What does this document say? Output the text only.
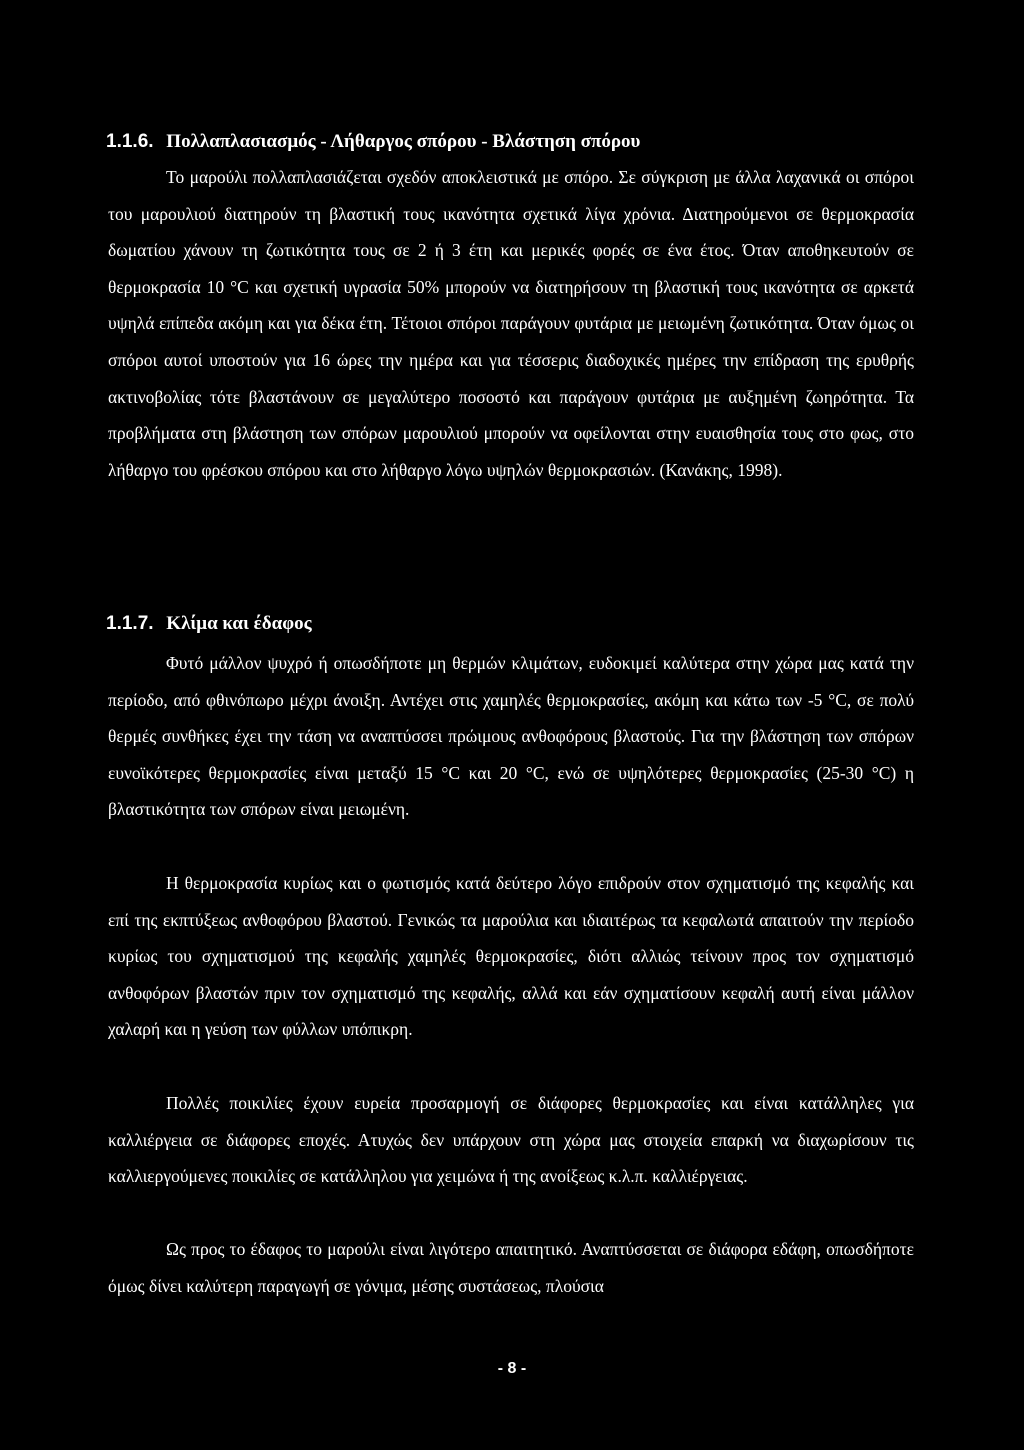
1.1.6. Πολλαπλασιασμός - Λήθαργος σπόρου - Βλάστηση σπόρου

Το μαρούλι πολλαπλασιάζεται σχεδόν αποκλειστικά με σπόρο. Σε σύγκριση με άλλα λαχανικά οι σπόροι του μαρουλιού διατηρούν τη βλαστική τους ικανότητα σχετικά λίγα χρόνια. Διατηρούμενοι σε θερμοκρασία δωματίου χάνουν τη ζωτικότητα τους σε 2 ή 3 έτη και μερικές φορές σε ένα έτος. Όταν αποθηκευτούν σε θερμοκρασία 10 °C και σχετική υγρασία 50% μπορούν να διατηρήσουν τη βλαστική τους ικανότητα σε αρκετά υψηλά επίπεδα ακόμη και για δέκα έτη. Τέτοιοι σπόροι παράγουν φυτάρια με μειωμένη ζωτικότητα. Όταν όμως οι σπόροι αυτοί υποστούν για 16 ώρες την ημέρα και για τέσσερις διαδοχικές ημέρες την επίδραση της ερυθρής ακτινοβολίας τότε βλαστάνουν σε μεγαλύτερο ποσοστό και παράγουν φυτάρια με αυξημένη ζωηρότητα. Τα προβλήματα στη βλάστηση των σπόρων μαρουλιού μπορούν να οφείλονται στην ευαισθησία τους στο φως, στο λήθαργο του φρέσκου σπόρου και στο λήθαργο λόγω υψηλών θερμοκρασιών. (Κανάκης, 1998).

1.1.7. Κλίμα και έδαφος

Φυτό μάλλον ψυχρό ή οπωσδήποτε μη θερμών κλιμάτων, ευδοκιμεί καλύτερα στην χώρα μας κατά την περίοδο, από φθινόπωρο μέχρι άνοιξη. Αντέχει στις χαμηλές θερμοκρασίες, ακόμη και κάτω των -5 °C, σε πολύ θερμές συνθήκες έχει την τάση να αναπτύσσει πρώιμους ανθοφόρους βλαστούς. Για την βλάστηση των σπόρων ευνοϊκότερες θερμοκρασίες είναι μεταξύ 15 °C και 20 °C, ενώ σε υψηλότερες θερμοκρασίες (25-30 °C) η βλαστικότητα των σπόρων είναι μειωμένη.

Η θερμοκρασία κυρίως και ο φωτισμός κατά δεύτερο λόγο επιδρούν στον σχηματισμό της κεφαλής και επί της εκπτύξεως ανθοφόρου βλαστού. Γενικώς τα μαρούλια και ιδιαιτέρως τα κεφαλωτά απαιτούν την περίοδο κυρίως του σχηματισμού της κεφαλής χαμηλές θερμοκρασίες, διότι αλλιώς τείνουν προς τον σχηματισμό ανθοφόρων βλαστών πριν τον σχηματισμό της κεφαλής, αλλά και εάν σχηματίσουν κεφαλή αυτή είναι μάλλον χαλαρή και η γεύση των φύλλων υπόπικρη.

Πολλές ποικιλίες έχουν ευρεία προσαρμογή σε διάφορες θερμοκρασίες και είναι κατάλληλες για καλλιέργεια σε διάφορες εποχές. Ατυχώς δεν υπάρχουν στη χώρα μας στοιχεία επαρκή να διαχωρίσουν τις καλλιεργούμενες ποικιλίες σε κατάλληλου για χειμώνα ή της ανοίξεως κ.λ.π. καλλιέργειας.

Ως προς το έδαφος το μαρούλι είναι λιγότερο απαιτητικό. Αναπτύσσεται σε διάφορα εδάφη, οπωσδήποτε όμως δίνει καλύτερη παραγωγή σε γόνιμα, μέσης συστάσεως, πλούσια

- 8 -
